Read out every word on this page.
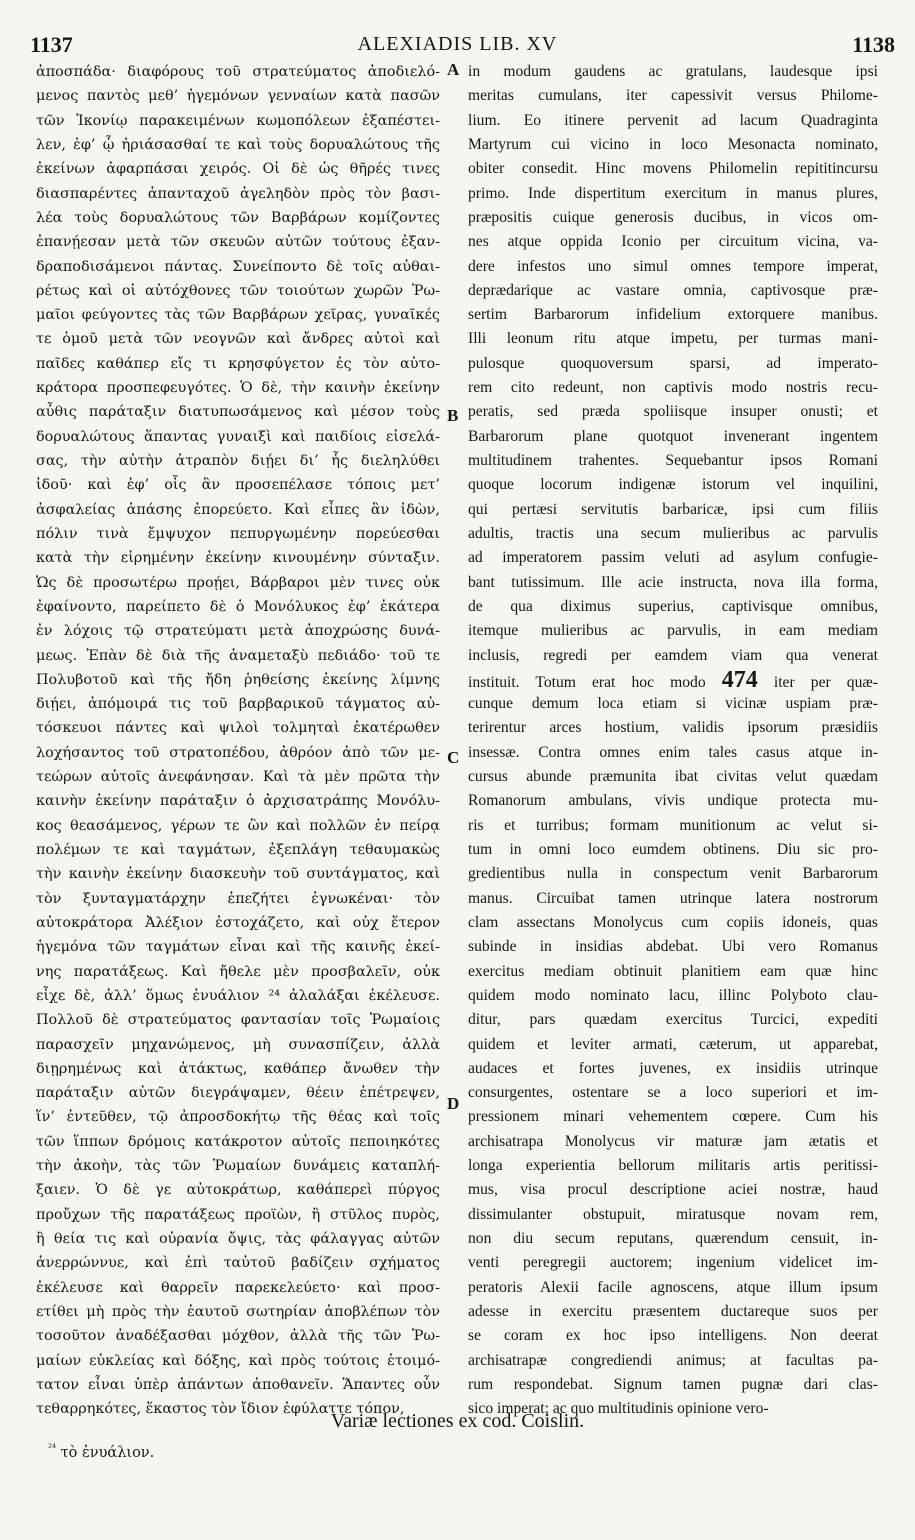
1137	ALEXIADIS LIB. XV	1138
ἀποσπάδα· διαφόρους τοῦ στρατεύματος ἀποδιελό-
μενος παντὸς μεθ’ ἡγεμόνων γενναίων κατὰ πασῶν
τῶν Ἰκονίῳ παρακειμένων κωμοπόλεων ἐξαπέστει-
λεν, ἐφ’ ᾧ ἠριάσασθαί τε καὶ τοὺς δορυαλώτους τῆς
ἐκείνων ἀφαρπάσαι χειρός. Οἱ δὲ ὡς θῆρές τινες
διασπαρέντες ἁπανταχοῦ ἀγεληδὸν πρὸς τὸν βασι-
λέα τοὺς δορυαλώτους τῶν Βαρβάρων κομίζοντες
ἐπανῄεσαν μετὰ τῶν σκευῶν αὐτῶν τούτους ἐξαν-
δραποδισάμενοι πάντας. Συνείποντο δὲ τοῖς αὐθαι-
ρέτως καὶ οἱ αὐτόχθονες τῶν τοιούτων χωρῶν Ῥω-
μαῖοι φεύγοντες τὰς τῶν Βαρβάρων χεῖρας, γυναῖκές
τε ὁμοῦ μετὰ τῶν νεογνῶν καὶ ἄνδρες αὐτοὶ καὶ
παῖδες καθάπερ εἴς τι κρησφύγετον ἐς τὸν αὐτο-
κράτορα προσπεφευγότες. Ὁ δὲ, τὴν καινὴν ἐκείνην
αὖθις παράταξιν διατυπωσάμενος καὶ μέσον τοὺς
δορυαλώτους ἅπαντας γυναιξὶ καὶ παιδίοις εἰσελά-
σας, τὴν αὐτὴν ἀτραπὸν διῄει δι’ ἧς διεληλύθει
ἰδοῦ· καὶ ἐφ’ οἷς ἂν προσεπέλασε τόποις μετ’
ἀσφαλείας ἁπάσης ἐπορεύετο. Καὶ εἶπες ἂν ἰδὼν,
πόλιν τινὰ ἔμψυχον πεπυργωμένην πορεύεσθαι
κατὰ τὴν εἰρημένην ἐκείνην κινουμένην σύνταξιν.
Ὡς δὲ προσωτέρω προῄει, Βάρβαροι μὲν τινες οὐκ
ἐφαίνοντο, παρείπετο δὲ ὁ Μονόλυκος ἐφ’ ἑκάτερα
ἐν λόχοις τῷ στρατεύματι μετὰ ἀποχρώσης δυνά-
μεως. Ἐπὰν δὲ διὰ τῆς ἀναμεταξὺ πεδιάδο· τοῦ τε
Πολυβοτοῦ καὶ τῆς ἤδη ῥηθείσης ἐκείνης λίμνης
διῄει, ἀπόμοιρά τις τοῦ βαρβαρικοῦ τάγματος αὐ-
τόσκευοι πάντες καὶ ψιλοὶ τολμηταὶ ἑκατέρωθεν
λοχήσαντος τοῦ στρατοπέδου, ἀθρόον ἀπὸ τῶν με-
τεώρων αὐτοῖς ἀνεφάνησαν. Καὶ τὰ μὲν πρῶτα τὴν
καινὴν ἐκείνην παράταξιν ὁ ἀρχισατράπης Μονόλυ-
κος θεασάμενος, γέρων τε ὢν καὶ πολλῶν ἐν πείρᾳ
πολέμων τε καὶ ταγμάτων, ἐξεπλάγη τεθαυμακὼς
τὴν καινὴν ἐκείνην διασκευὴν τοῦ συντάγματος, καὶ
τὸν ξυνταγματάρχην ἐπεζήτει ἐγνωκέναι· τὸν
αὐτοκράτορα Ἀλέξιον ἐστοχάζετο, καὶ οὐχ ἕτερον
ἡγεμόνα τῶν ταγμάτων εἶναι καὶ τῆς καινῆς ἐκεί-
νης παρατάξεως. Καὶ ἤθελε μὲν προσβαλεῖν, οὐκ
εἶχε δὲ, ἀλλ’ ὅμως ἐνυάλιον ²⁴ ἀλαλάξαι ἐκέλευσε.
Πολλοῦ δὲ στρατεύματος φαντασίαν τοῖς Ῥωμαίοις
παρασχεῖν μηχανώμενος, μὴ συνασπίζειν, ἀλλὰ
διῃρημένως καὶ ἀτάκτως, καθάπερ ἄνωθεν τὴν
παράταξιν αὐτῶν διεγράψαμεν, θέειν ἐπέτρεψεν,
ἵν’ ἐντεῦθεν, τῷ ἀπροσδοκήτῳ τῆς θέας καὶ τοῖς
τῶν ἵππων δρόμοις κατάκροτον αὐτοῖς πεποιηκότες
τὴν ἀκοὴν, τὰς τῶν Ῥωμαίων δυνάμεις καταπλή-
ξαιεν. Ὁ δὲ γε αὐτοκράτωρ, καθάπερεὶ πύργος
προὔχων τῆς παρατάξεως προϊὼν, ἢ στῦλος πυρὸς,
ἢ θεία τις καὶ οὐρανία ὄψις, τὰς φάλαγγας αὐτῶν
ἀνερρώννυε, καὶ ἐπὶ ταὐτοῦ βαδίζειν σχήματος
ἐκέλευσε καὶ θαρρεῖν παρεκελεύετο· καὶ προσ-
ετίθει μὴ πρὸς τὴν ἑαυτοῦ σωτηρίαν ἀποβλέπων τὸν
τοσοῦτον ἀναδέξασθαι μόχθον, ἀλλὰ τῆς τῶν Ῥω-
μαίων εὐκλείας καὶ δόξης, καὶ πρὸς τούτοις ἑτοιμό-
τατον εἶναι ὑπὲρ ἁπάντων ἀποθανεῖν. Ἅπαντες οὖν
τεθαρρηκότες, ἕκαστος τὸν ἴδιον ἐφύλαττε τόπον,
A
B
C
D
in modum gaudens ac gratulans, laudesque ipsi
meritas cumulans, iter capessivit versus Philome-
lium. Eo itinere pervenit ad lacum Quadraginta
Martyrum cui vicino in loco Mesonacta nominato,
obiter consedit. Hinc movens Philomelin repititincursu
primo. Inde dispertitum exercitum in manus plures,
præpositis cuique generosis ducibus, in vicos om-
nes atque oppida Iconio per circuitum vicina, va-
dere infestos uno simul omnes tempore imperat,
deprædarique ac vastare omnia, captivosque præ-
sertim Barbarorum infidelium extorquere manibus.
Illi leonum ritu atque impetu, per turmas mani-
pulosque quoquoversum sparsi, ad imperato-
rem cito redeunt, non captivis modo nostris recu-
peratis, sed præda spoliisque insuper onusti; et
Barbarorum plane quotquot invenerant ingentem
multitudinem trahentes. Sequebantur ipsos Romani
quoque locorum indigenæ istorum vel inquilini,
qui pertæsi servitutis barbaricæ, ipsi cum filiis
adultis, tractis una secum mulieribus ac parvulis
ad imperatorem passim veluti ad asylum confugie-
bant tutissimum. Ille acie instructa, nova illa forma,
de qua diximus superius, captivisque omnibus,
itemque mulieribus ac parvulis, in eam mediam
inclusis, regredi per eamdem viam qua venerat
instituit. Totum erat hoc modo 474 iter per quæ-
cunque demum loca etiam si vicinæ uspiam præ-
terirentur arces hostium, validis ipsorum præsidiis
insessæ. Contra omnes enim tales casus atque in-
cursus abunde præmunita ibat civitas velut quædam
Romanorum ambulans, vivis undique protecta mu-
ris et turribus; formam munitionum ac velut si-
tum in omni loco eumdem obtinens. Diu sic pro-
gredientibus nulla in conspectum venit Barbarorum
manus. Circuibat tamen utrinque latera nostrorum
clam assectans Monolycus cum copiis idoneis, quas
subinde in insidias abdebat. Ubi vero Romanus
exercitus mediam obtinuit planitiem eam quæ hinc
quidem modo nominato lacu, illinc Polyboto clau-
ditur, pars quædam exercitus Turcici, expediti
quidem et leviter armati, cæterum, ut apparebat,
audaces et fortes juvenes, ex insidiis utrinque
consurgentes, ostentare se a loco superiori et im-
pressionem minari vehementem cœpere. Cum his
archisatrapa Monolycus vir maturæ jam ætatis et
longa experientia bellorum militaris artis peritissi-
mus, visa procul descriptione aciei nostræ, haud
dissimulanter obstupuit, miratusque novam rem,
non diu secum reputans, quærendum censuit, in-
venti peregregii auctorem; ingenium videlicet im-
peratoris Alexii facile agnoscens, atque illum ipsum
adesse in exercitu præsentem ductareque suos per
se coram ex hoc ipso intelligens. Non deerat
archisatrapæ congrediendi animus; at facultas pa-
rum respondebat. Signum tamen pugnæ dari clas-
sico imperat; ac quo multitudinis opinione vero-
Variæ lectiones ex cod. Coislin.
$^{^{24}}$ τὸ ἐνυάλιον.
